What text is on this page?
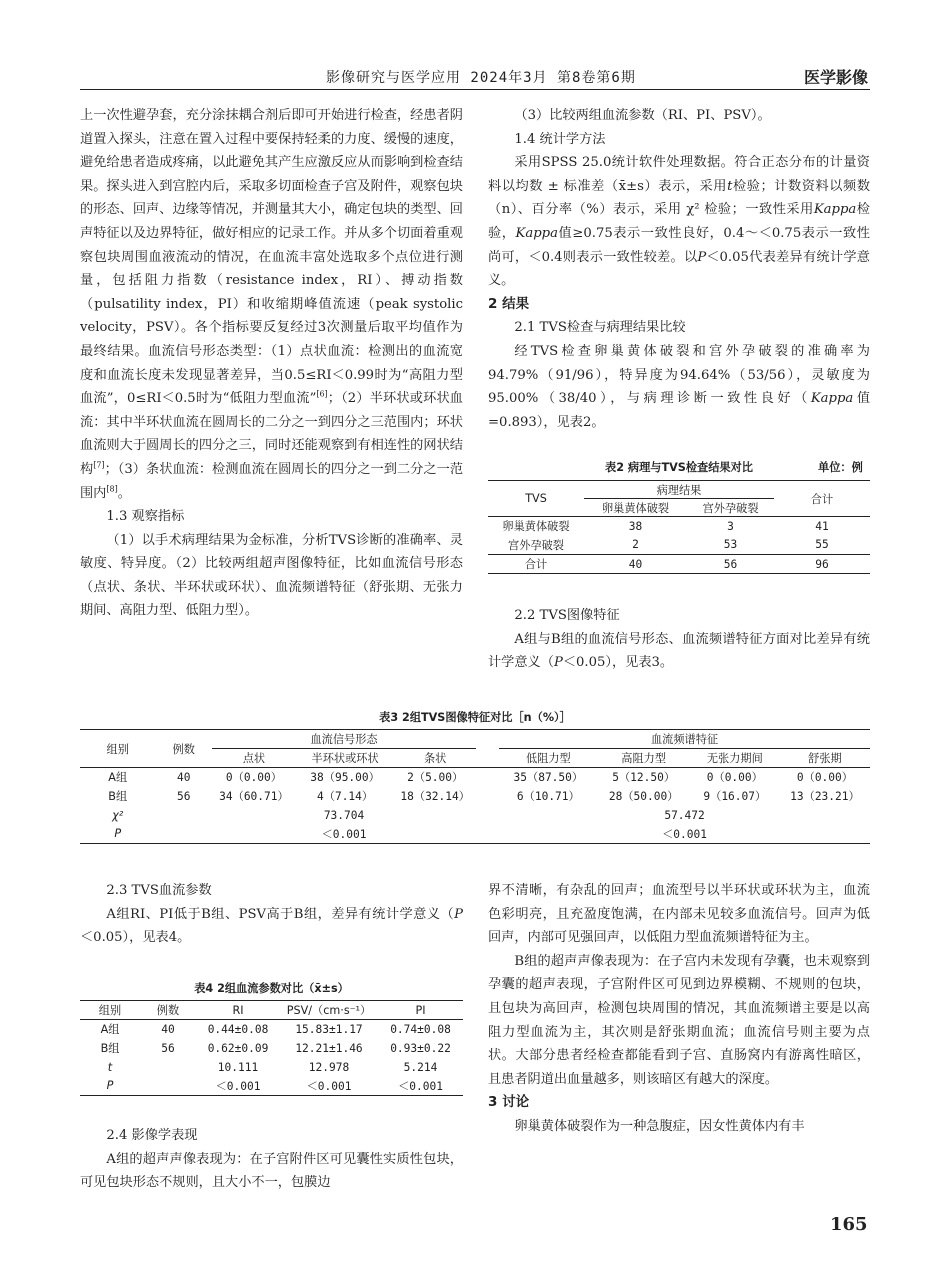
影像研究与医学应用 2024年3月 第8卷第6期	医学影像

上一次性避孕套，充分涂抹耦合剂后即可开始进行检查，经患者阴道置入探头，注意在置入过程中要保持轻柔的力度、缓慢的速度，避免给患者造成疼痛，以此避免其产生应激反应从而影响到检查结果。探头进入到宫腔内后，采取多切面检查子宫及附件，观察包块的形态、回声、边缘等情况，并测量其大小，确定包块的类型、回声特征以及边界特征，做好相应的记录工作。并从多个切面着重观察包块周围血液流动的情况，在血流丰富处选取多个点位进行测量，包括阻力指数（resistance index，RI）、搏动指数（pulsatility index，PI）和收缩期峰值流速（peak systolic velocity，PSV）。各个指标要反复经过3次测量后取平均值作为最终结果。血流信号形态类型：（1）点状血流：检测出的血流宽度和血流长度未发现显著差异，当0.5≤RI＜0.99时为“高阻力型血流”，0≤RI＜0.5时为“低阻力型血流”[6]；（2）半环状或环状血流：其中半环状血流在圆周长的二分之一到四分之三范围内；环状血流则大于圆周长的四分之三，同时还能观察到有相连性的网状结构[7]；（3）条状血流：检测血流在圆周长的四分之一到二分之一范围内[8]。

1.3 观察指标

（1）以手术病理结果为金标准，分析TVS诊断的准确率、灵敏度、特异度。（2）比较两组超声图像特征，比如血流信号形态（点状、条状、半环状或环状）、血流频谱特征（舒张期、无张力期间、高阻力型、低阻力型）。

（3）比较两组血流参数（RI、PI、PSV）。

1.4 统计学方法

采用SPSS 25.0统计软件处理数据。符合正态分布的计量资料以均数 ± 标准差（x̄±s）表示，采用t检验；计数资料以频数（n）、百分率（%）表示，采用 χ² 检验；一致性采用Kappa检验，Kappa值≥0.75表示一致性良好，0.4～＜0.75表示一致性尚可，＜0.4则表示一致性较差。以P＜0.05代表差异有统计学意义。

2 结果
2.1 TVS检查与病理结果比较

经TVS检查卵巢黄体破裂和宫外孕破裂的准确率为94.79%（91/96），特异度为94.64%（53/56），灵敏度为95.00%（38/40），与病理诊断一致性良好（Kappa值=0.893），见表2。

表2 病理与TVS检查结果对比	单位：例
TVS	病理结果		合计
	卵巢黄体破裂	宫外孕破裂	
卵巢黄体破裂	38	3	41
宫外孕破裂	2	53	55
合计	40	56	96
2.2 TVS图像特征

A组与B组的血流信号形态、血流频谱特征方面对比差异有统计学意义（P＜0.05），见表3。

表3 2组TVS图像特征对比［n（%）］
组别	例数	血流信号形态				血流频谱特征			
		点状	半环状或环状	条状		低阻力型	高阻力型	无张力期间	舒张期
A组	40	0（0.00）	38（95.00）	2（5.00）		35（87.50）	5（12.50）	0（0.00）	0（0.00）
B组	56	34（60.71）	4（7.14）	18（32.14）		6（10.71）	28（50.00）	9（16.07）	13（23.21）
χ²		73.704				57.472			
P		＜0.001				＜0.001			
2.3 TVS血流参数

A组RI、PI低于B组、PSV高于B组，差异有统计学意义（P＜0.05），见表4。

表4 2组血流参数对比（x̄±s）
组别	例数	RI	PSV/（cm·s⁻¹）	PI
A组	40	0.44±0.08	15.83±1.17	0.74±0.08
B组	56	0.62±0.09	12.21±1.46	0.93±0.22
t		10.111	12.978	5.214
P		＜0.001	＜0.001	＜0.001
2.4 影像学表现

A组的超声声像表现为：在子宫附件区可见囊性实质性包块，可见包块形态不规则，且大小不一，包膜边

界不清晰，有杂乱的回声；血流型号以半环状或环状为主，血流色彩明亮，且充盈度饱满，在内部未见较多血流信号。回声为低回声，内部可见强回声，以低阻力型血流频谱特征为主。

B组的超声声像表现为：在子宫内未发现有孕囊，也未观察到孕囊的超声表现，子宫附件区可见到边界模糊、不规则的包块，且包块为高回声，检测包块周围的情况，其血流频谱主要是以高阻力型血流为主，其次则是舒张期血流；血流信号则主要为点状。大部分患者经检查都能看到子宫、直肠窝内有游离性暗区，且患者阴道出血量越多，则该暗区有越大的深度。

3 讨论

卵巢黄体破裂作为一种急腹症，因女性黄体内有丰

165
